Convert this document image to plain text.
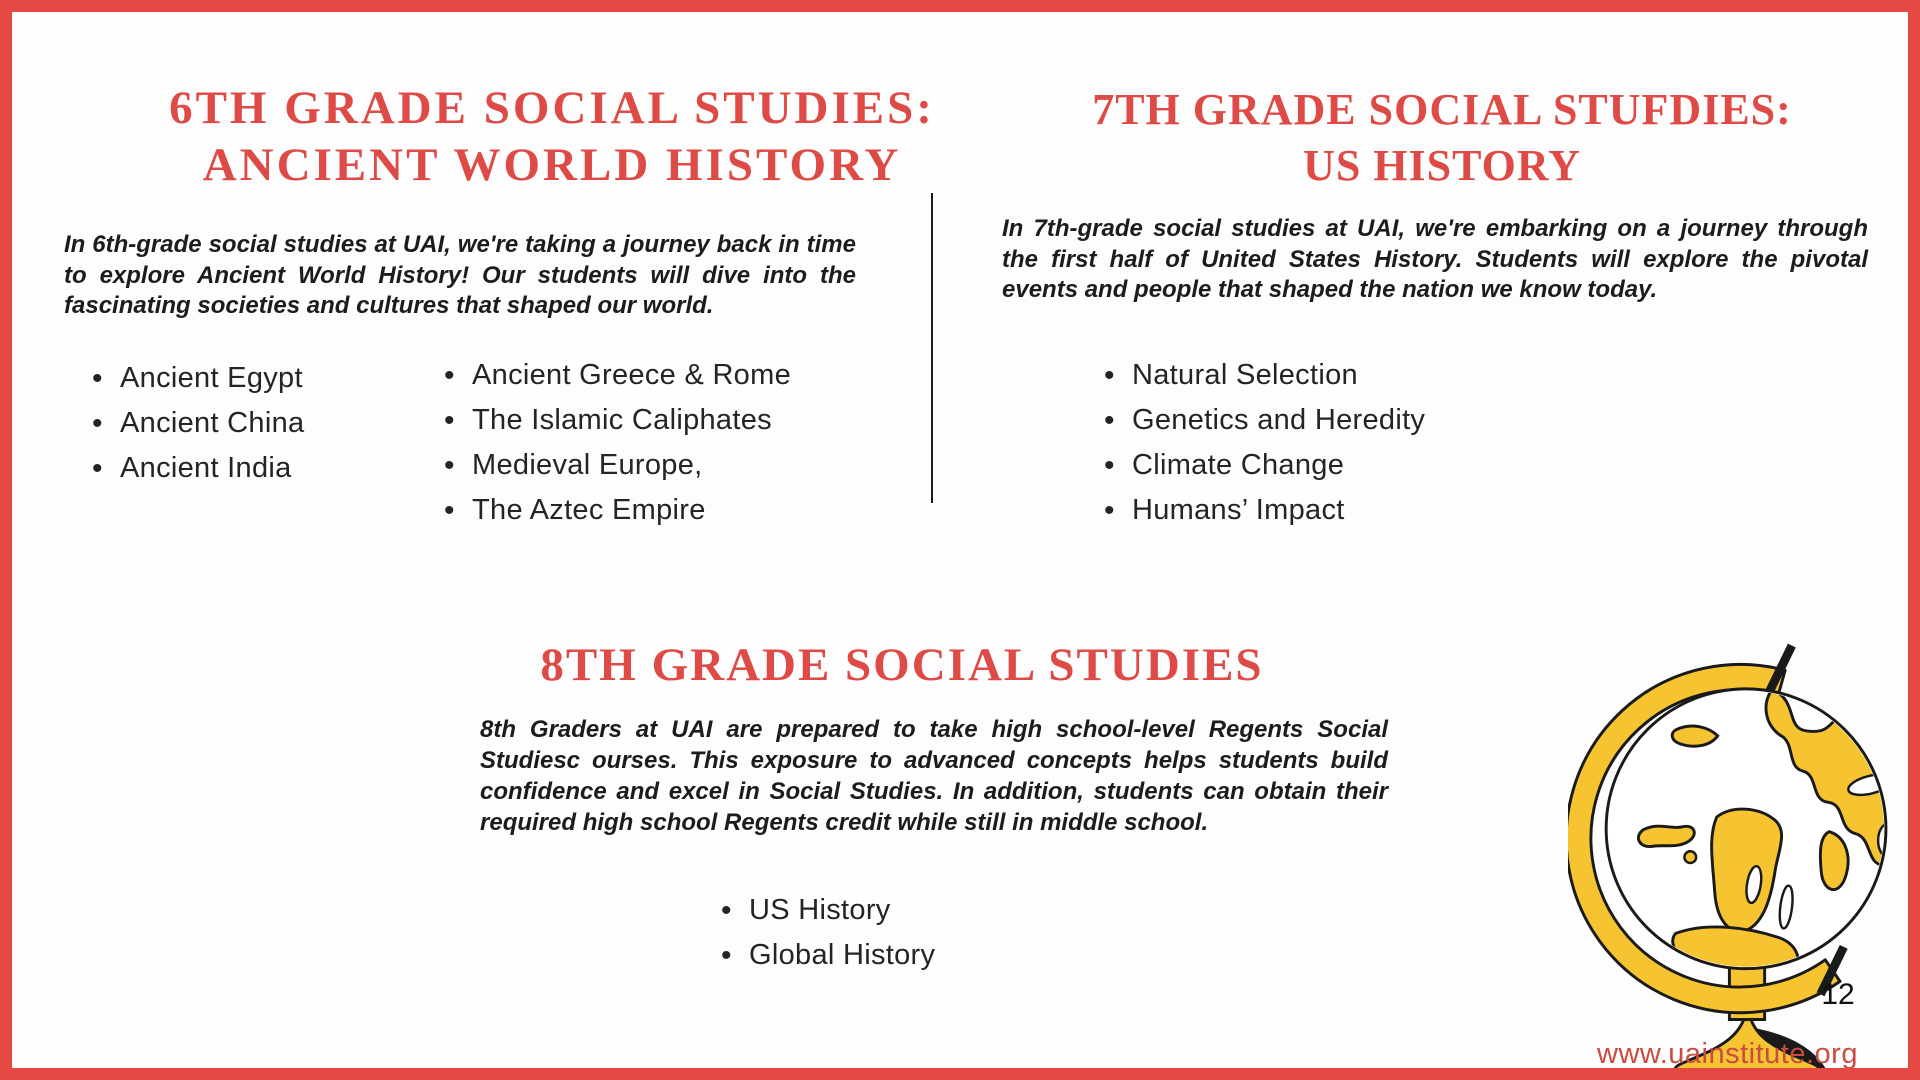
6TH GRADE SOCIAL STUDIES:
ANCIENT WORLD HISTORY

In 6th-grade social studies at UAI, we're taking a journey back in time to explore Ancient World History! Our students will dive into the fascinating societies and cultures that shaped our world.

•
Ancient Egypt
•
Ancient China
•
Ancient India
•
Ancient Greece & Rome
•
The Islamic Caliphates
•
Medieval Europe,
•
The Aztec Empire
7TH GRADE SOCIAL STUFDIES:
US HISTORY

In 7th-grade social studies at UAI, we're embarking on a journey through the first half of United States History. Students will explore the pivotal events and people that shaped the nation we know today.

•
Natural Selection
•
Genetics and Heredity
•
Climate Change
•
Humans’ Impact
8TH GRADE SOCIAL STUDIES

8th Graders at UAI are prepared to take high school-level Regents Social Studiesc ourses. This exposure to advanced concepts helps students build confidence and excel in Social Studies. In addition, students can obtain their required high school Regents credit while still in middle school.

•
US History
•
Global History
12
www.uainstitute.org
